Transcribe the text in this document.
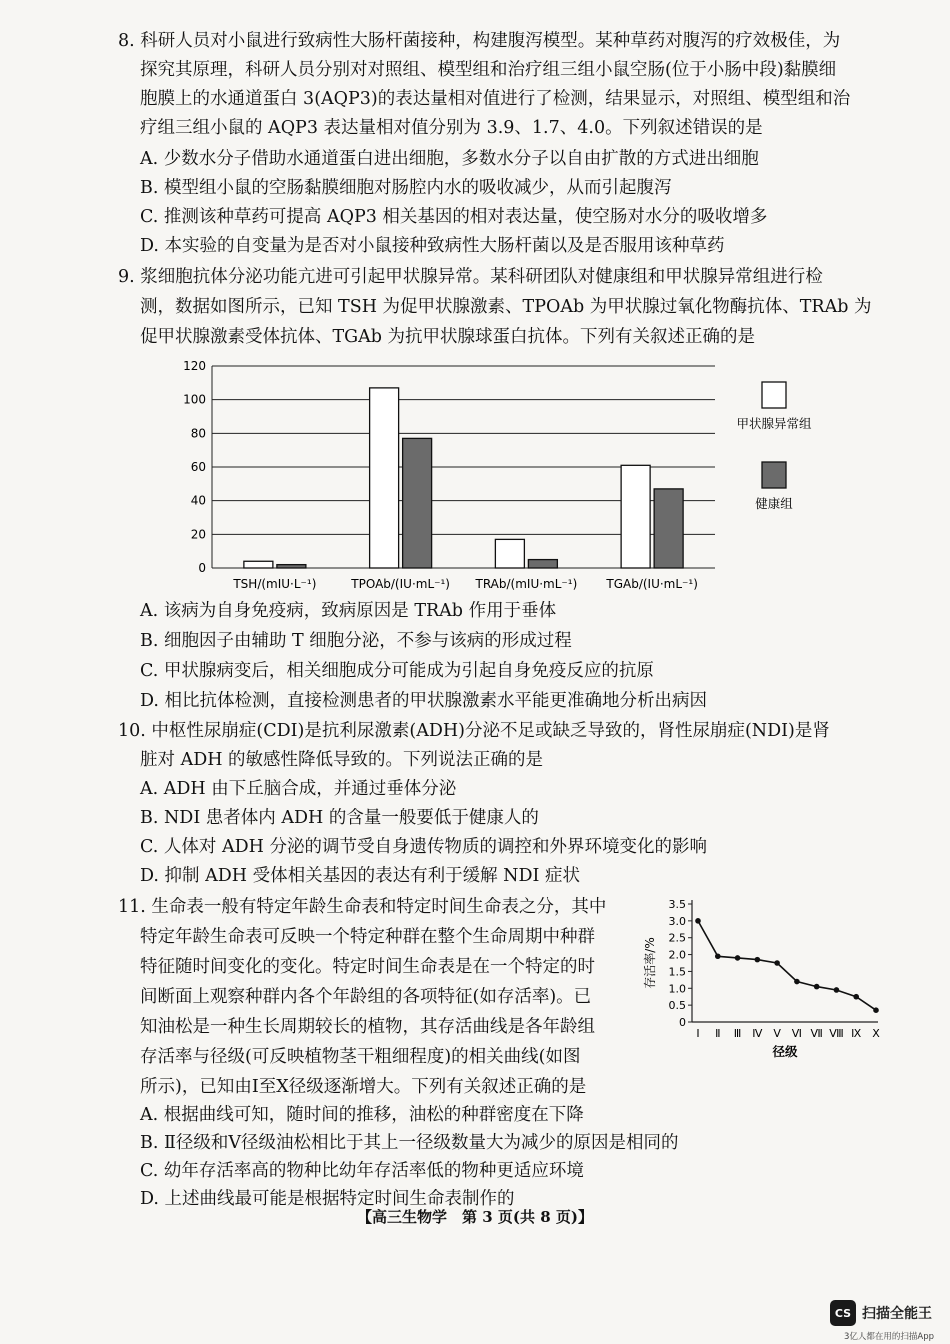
8. 科研人员对小鼠进行致病性大肠杆菌接种，构建腹泻模型。某种草药对腹泻的疗效极佳，为
探究其原理，科研人员分别对对照组、模型组和治疗组三组小鼠空肠(位于小肠中段)黏膜细
胞膜上的水通道蛋白 3(AQP3)的表达量相对值进行了检测，结果显示，对照组、模型组和治
疗组三组小鼠的 AQP3 表达量相对值分别为 3.9、1.7、4.0。下列叙述错误的是
A. 少数水分子借助水通道蛋白进出细胞，多数水分子以自由扩散的方式进出细胞
B. 模型组小鼠的空肠黏膜细胞对肠腔内水的吸收减少，从而引起腹泻
C. 推测该种草药可提高 AQP3 相关基因的相对表达量，使空肠对水分的吸收增多
D. 本实验的自变量为是否对小鼠接种致病性大肠杆菌以及是否服用该种草药
9. 浆细胞抗体分泌功能亢进可引起甲状腺异常。某科研团队对健康组和甲状腺异常组进行检
测，数据如图所示，已知 TSH 为促甲状腺激素、TPOAb 为甲状腺过氧化物酶抗体、TRAb 为
促甲状腺激素受体抗体、TGAb 为抗甲状腺球蛋白抗体。下列有关叙述正确的是
0
20
40
60
80
100
120
TSH/(mIU·L⁻¹)	TPOAb/(IU·mL⁻¹) TRAb/(mIU·mL⁻¹) TGAb/(IU·mL⁻¹)
甲状腺异常组
健康组
A. 该病为自身免疫病，致病原因是 TRAb 作用于垂体
B. 细胞因子由辅助 T 细胞分泌，不参与该病的形成过程
C. 甲状腺病变后，相关细胞成分可能成为引起自身免疫反应的抗原
D. 相比抗体检测，直接检测患者的甲状腺激素水平能更准确地分析出病因
10. 中枢性尿崩症(CDI)是抗利尿激素(ADH)分泌不足或缺乏导致的，肾性尿崩症(NDI)是肾
脏对 ADH 的敏感性降低导致的。下列说法正确的是
A. ADH 由下丘脑合成，并通过垂体分泌
B. NDI 患者体内 ADH 的含量一般要低于健康人的
C. 人体对 ADH 分泌的调节受自身遗传物质的调控和外界环境变化的影响
D. 抑制 ADH 受体相关基因的表达有利于缓解 NDI 症状
11. 生命表一般有特定年龄生命表和特定时间生命表之分，其中
特定年龄生命表可反映一个特定种群在整个生命周期中种群
特征随时间变化的变化。特定时间生命表是在一个特定的时
间断面上观察种群内各个年龄组的各项特征(如存活率)。已
知油松是一种生长周期较长的植物，其存活曲线是各年龄组
存活率与径级(可反映植物茎干粗细程度)的相关曲线(如图
所示)，已知由Ⅰ至Ⅹ径级逐渐增大。下列有关叙述正确的是
A. 根据曲线可知，随时间的推移，油松的种群密度在下降
B. Ⅱ径级和Ⅴ径级油松相比于其上一径级数量大为减少的原因是相同的
C. 幼年存活率高的物种比幼年存活率低的物种更适应环境
D. 上述曲线最可能是根据特定时间生命表制作的
0
0.5
1.0
1.5
2.0
2.5
3.0
3.5
存活率/%
Ⅰ Ⅱ Ⅲ Ⅳ Ⅴ Ⅵ Ⅶ Ⅷ Ⅸ Ⅹ
径级
【高三生物学　第 3 页(共 8 页)】
CS 扫描全能王
3亿人都在用的扫描App
